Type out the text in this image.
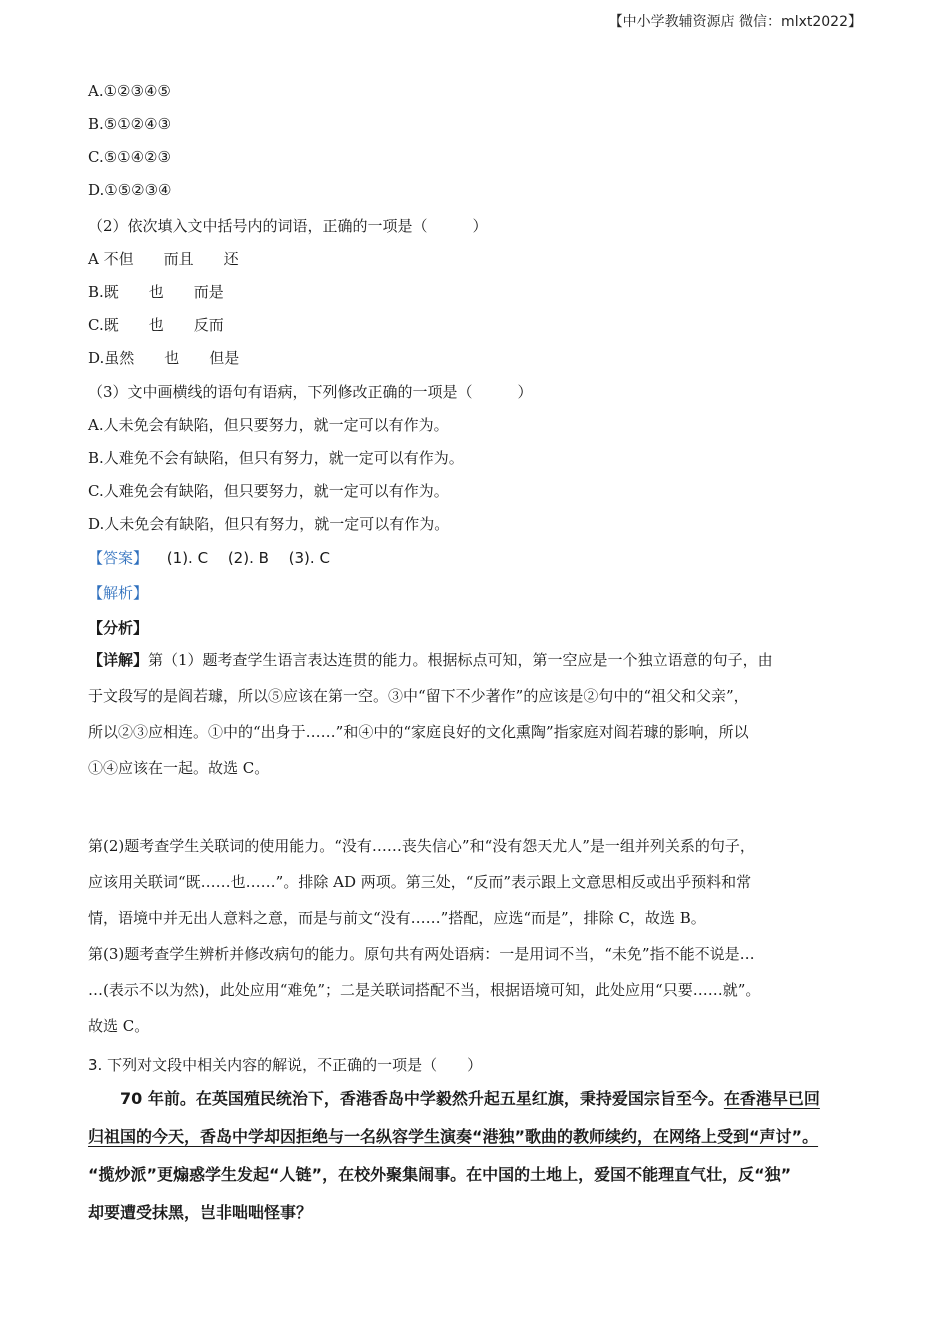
【中小学教辅资源店 微信：mlxt2022】
A.①②③④⑤
B.⑤①②④③
C.⑤①④②③
D.①⑤②③④
（2）依次填入文中括号内的词语，正确的一项是（　　　）
A 不但　　而且　　还
B.既　　也　　而是
C.既　　也　　反而
D.虽然　　也　　但是
（3）文中画横线的语句有语病，下列修改正确的一项是（　　　）
A.人未免会有缺陷，但只要努力，就一定可以有作为。
B.人难免不会有缺陷，但只有努力，就一定可以有作为。
C.人难免会有缺陷，但只要努力，就一定可以有作为。
D.人未免会有缺陷，但只有努力，就一定可以有作为。
【答案】 (1). C　 (2). B　 (3). C
【解析】
【分析】
【详解】第（1）题考查学生语言表达连贯的能力。根据标点可知，第一空应是一个独立语意的句子，由
于文段写的是阎若璩，所以⑤应该在第一空。③中“留下不少著作”的应该是②句中的“祖父和父亲”，
所以②③应相连。①中的“出身于……”和④中的“家庭良好的文化熏陶”指家庭对阎若璩的影响，所以
①④应该在一起。故选 C。
第(2)题考查学生关联词的使用能力。“没有……丧失信心”和“没有怨天尤人”是一组并列关系的句子，
应该用关联词“既……也……”。排除 AD 两项。第三处，“反而”表示跟上文意思相反或出乎预料和常
情，语境中并无出人意料之意，而是与前文“没有……”搭配，应选“而是”，排除 C，故选 B。
第(3)题考查学生辨析并修改病句的能力。原句共有两处语病：一是用词不当，“未免”指不能不说是…
…(表示不以为然)，此处应用“难免”；二是关联词搭配不当，根据语境可知，此处应用“只要……就”。
故选 C。
3. 下列对文段中相关内容的解说，不正确的一项是（　　）
　　70 年前。在英国殖民统治下，香港香岛中学毅然升起五星红旗，秉持爱国宗旨至今。在香港早已回
归祖国的今天，香岛中学却因拒绝与一名纵容学生演奏“港独”歌曲的教师续约，在网络上受到“声讨”。
“揽炒派”更煽惑学生发起“人链”，在校外聚集闹事。在中国的土地上，爱国不能理直气壮，反“独”
却要遭受抹黑，岂非咄咄怪事？
